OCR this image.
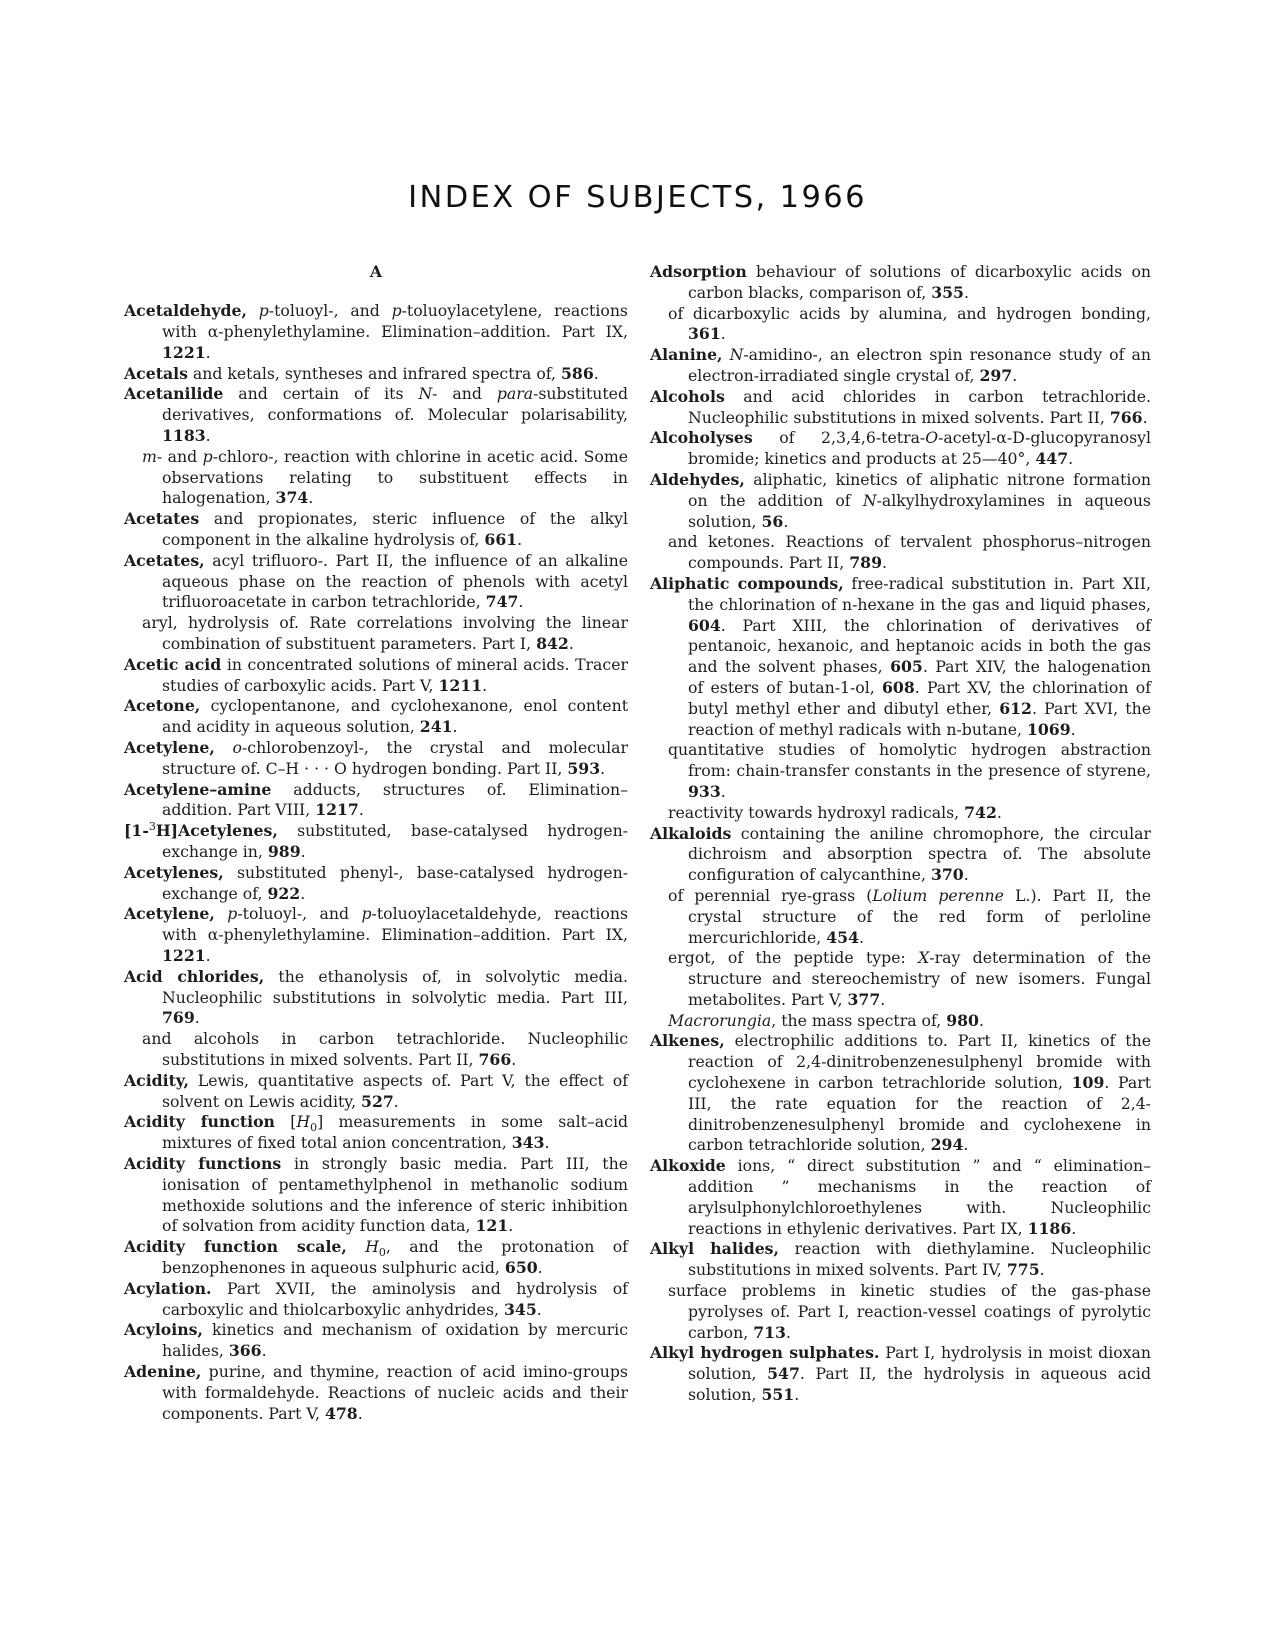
INDEX OF SUBJECTS, 1966
A

Acetaldehyde, p-toluoyl-, and p-toluoylacetylene, reactions with α-phenylethylamine. Elimination–addition. Part IX, 1221.

Acetals and ketals, syntheses and infrared spectra of, 586.

Acetanilide and certain of its N- and para-substituted derivatives, conformations of. Molecular polarisability, 1183.

m- and p-chloro-, reaction with chlorine in acetic acid. Some observations relating to substituent effects in halogenation, 374.

Acetates and propionates, steric influence of the alkyl component in the alkaline hydrolysis of, 661.

Acetates, acyl trifluoro-. Part II, the influence of an alkaline aqueous phase on the reaction of phenols with acetyl trifluoroacetate in carbon tetrachloride, 747.

aryl, hydrolysis of. Rate correlations involving the linear combination of substituent parameters. Part I, 842.

Acetic acid in concentrated solutions of mineral acids. Tracer studies of carboxylic acids. Part V, 1211.

Acetone, cyclopentanone, and cyclohexanone, enol content and acidity in aqueous solution, 241.

Acetylene, o-chlorobenzoyl-, the crystal and molecular structure of. C–H · · · O hydrogen bonding. Part II, 593.

Acetylene–amine adducts, structures of. Elimination–addition. Part VIII, 1217.

[1-$^3$H]Acetylenes, substituted, base-catalysed hydrogen-exchange in, 989.

Acetylenes, substituted phenyl-, base-catalysed hydrogen-exchange of, 922.

Acetylene, p-toluoyl-, and p-toluoylacetaldehyde, reactions with α-phenylethylamine. Elimination–addition. Part IX, 1221.

Acid chlorides, the ethanolysis of, in solvolytic media. Nucleophilic substitutions in solvolytic media. Part III, 769.

and alcohols in carbon tetrachloride. Nucleophilic substitutions in mixed solvents. Part II, 766.

Acidity, Lewis, quantitative aspects of. Part V, the effect of solvent on Lewis acidity, 527.

Acidity function $[H_0]$ measurements in some salt–acid mixtures of fixed total anion concentration, 343.

Acidity functions in strongly basic media. Part III, the ionisation of pentamethylphenol in methanolic sodium methoxide solutions and the inference of steric inhibition of solvation from acidity function data, 121.

Acidity function scale, $H_0$, and the protonation of benzophenones in aqueous sulphuric acid, 650.

Acylation. Part XVII, the aminolysis and hydrolysis of carboxylic and thiolcarboxylic anhydrides, 345.

Acyloins, kinetics and mechanism of oxidation by mercuric halides, 366.

Adenine, purine, and thymine, reaction of acid imino-groups with formaldehyde. Reactions of nucleic acids and their components. Part V, 478.

Adsorption behaviour of solutions of dicarboxylic acids on carbon blacks, comparison of, 355.

of dicarboxylic acids by alumina, and hydrogen bonding, 361.

Alanine, N-amidino-, an electron spin resonance study of an electron-irradiated single crystal of, 297.

Alcohols and acid chlorides in carbon tetrachloride. Nucleophilic substitutions in mixed solvents. Part II, 766.

Alcoholyses of 2,3,4,6-tetra-O-acetyl-α-D-glucopyranosyl bromide; kinetics and products at 25—40°, 447.

Aldehydes, aliphatic, kinetics of aliphatic nitrone formation on the addition of N-alkylhydroxylamines in aqueous solution, 56.

and ketones. Reactions of tervalent phosphorus–nitrogen compounds. Part II, 789.

Aliphatic compounds, free-radical substitution in. Part XII, the chlorination of n-hexane in the gas and liquid phases, 604. Part XIII, the chlorination of derivatives of pentanoic, hexanoic, and heptanoic acids in both the gas and the solvent phases, 605. Part XIV, the halogenation of esters of butan-1-ol, 608. Part XV, the chlorination of butyl methyl ether and dibutyl ether, 612. Part XVI, the reaction of methyl radicals with n-butane, 1069.

quantitative studies of homolytic hydrogen abstraction from: chain-transfer constants in the presence of styrene, 933.

reactivity towards hydroxyl radicals, 742.

Alkaloids containing the aniline chromophore, the circular dichroism and absorption spectra of. The absolute configuration of calycanthine, 370.

of perennial rye-grass (Lolium perenne L.). Part II, the crystal structure of the red form of perloline mercurichloride, 454.

ergot, of the peptide type: X-ray determination of the structure and stereochemistry of new isomers. Fungal metabolites. Part V, 377.

Macrorungia, the mass spectra of, 980.

Alkenes, electrophilic additions to. Part II, kinetics of the reaction of 2,4-dinitrobenzenesulphenyl bromide with cyclohexene in carbon tetrachloride solution, 109. Part III, the rate equation for the reaction of 2,4-dinitrobenzenesulphenyl bromide and cyclohexene in carbon tetrachloride solution, 294.

Alkoxide ions, “ direct substitution ” and “ elimination–addition ” mechanisms in the reaction of arylsulphonylchloroethylenes with. Nucleophilic reactions in ethylenic derivatives. Part IX, 1186.

Alkyl halides, reaction with diethylamine. Nucleophilic substitutions in mixed solvents. Part IV, 775.

surface problems in kinetic studies of the gas-phase pyrolyses of. Part I, reaction-vessel coatings of pyrolytic carbon, 713.

Alkyl hydrogen sulphates. Part I, hydrolysis in moist dioxan solution, 547. Part II, the hydrolysis in aqueous acid solution, 551.
